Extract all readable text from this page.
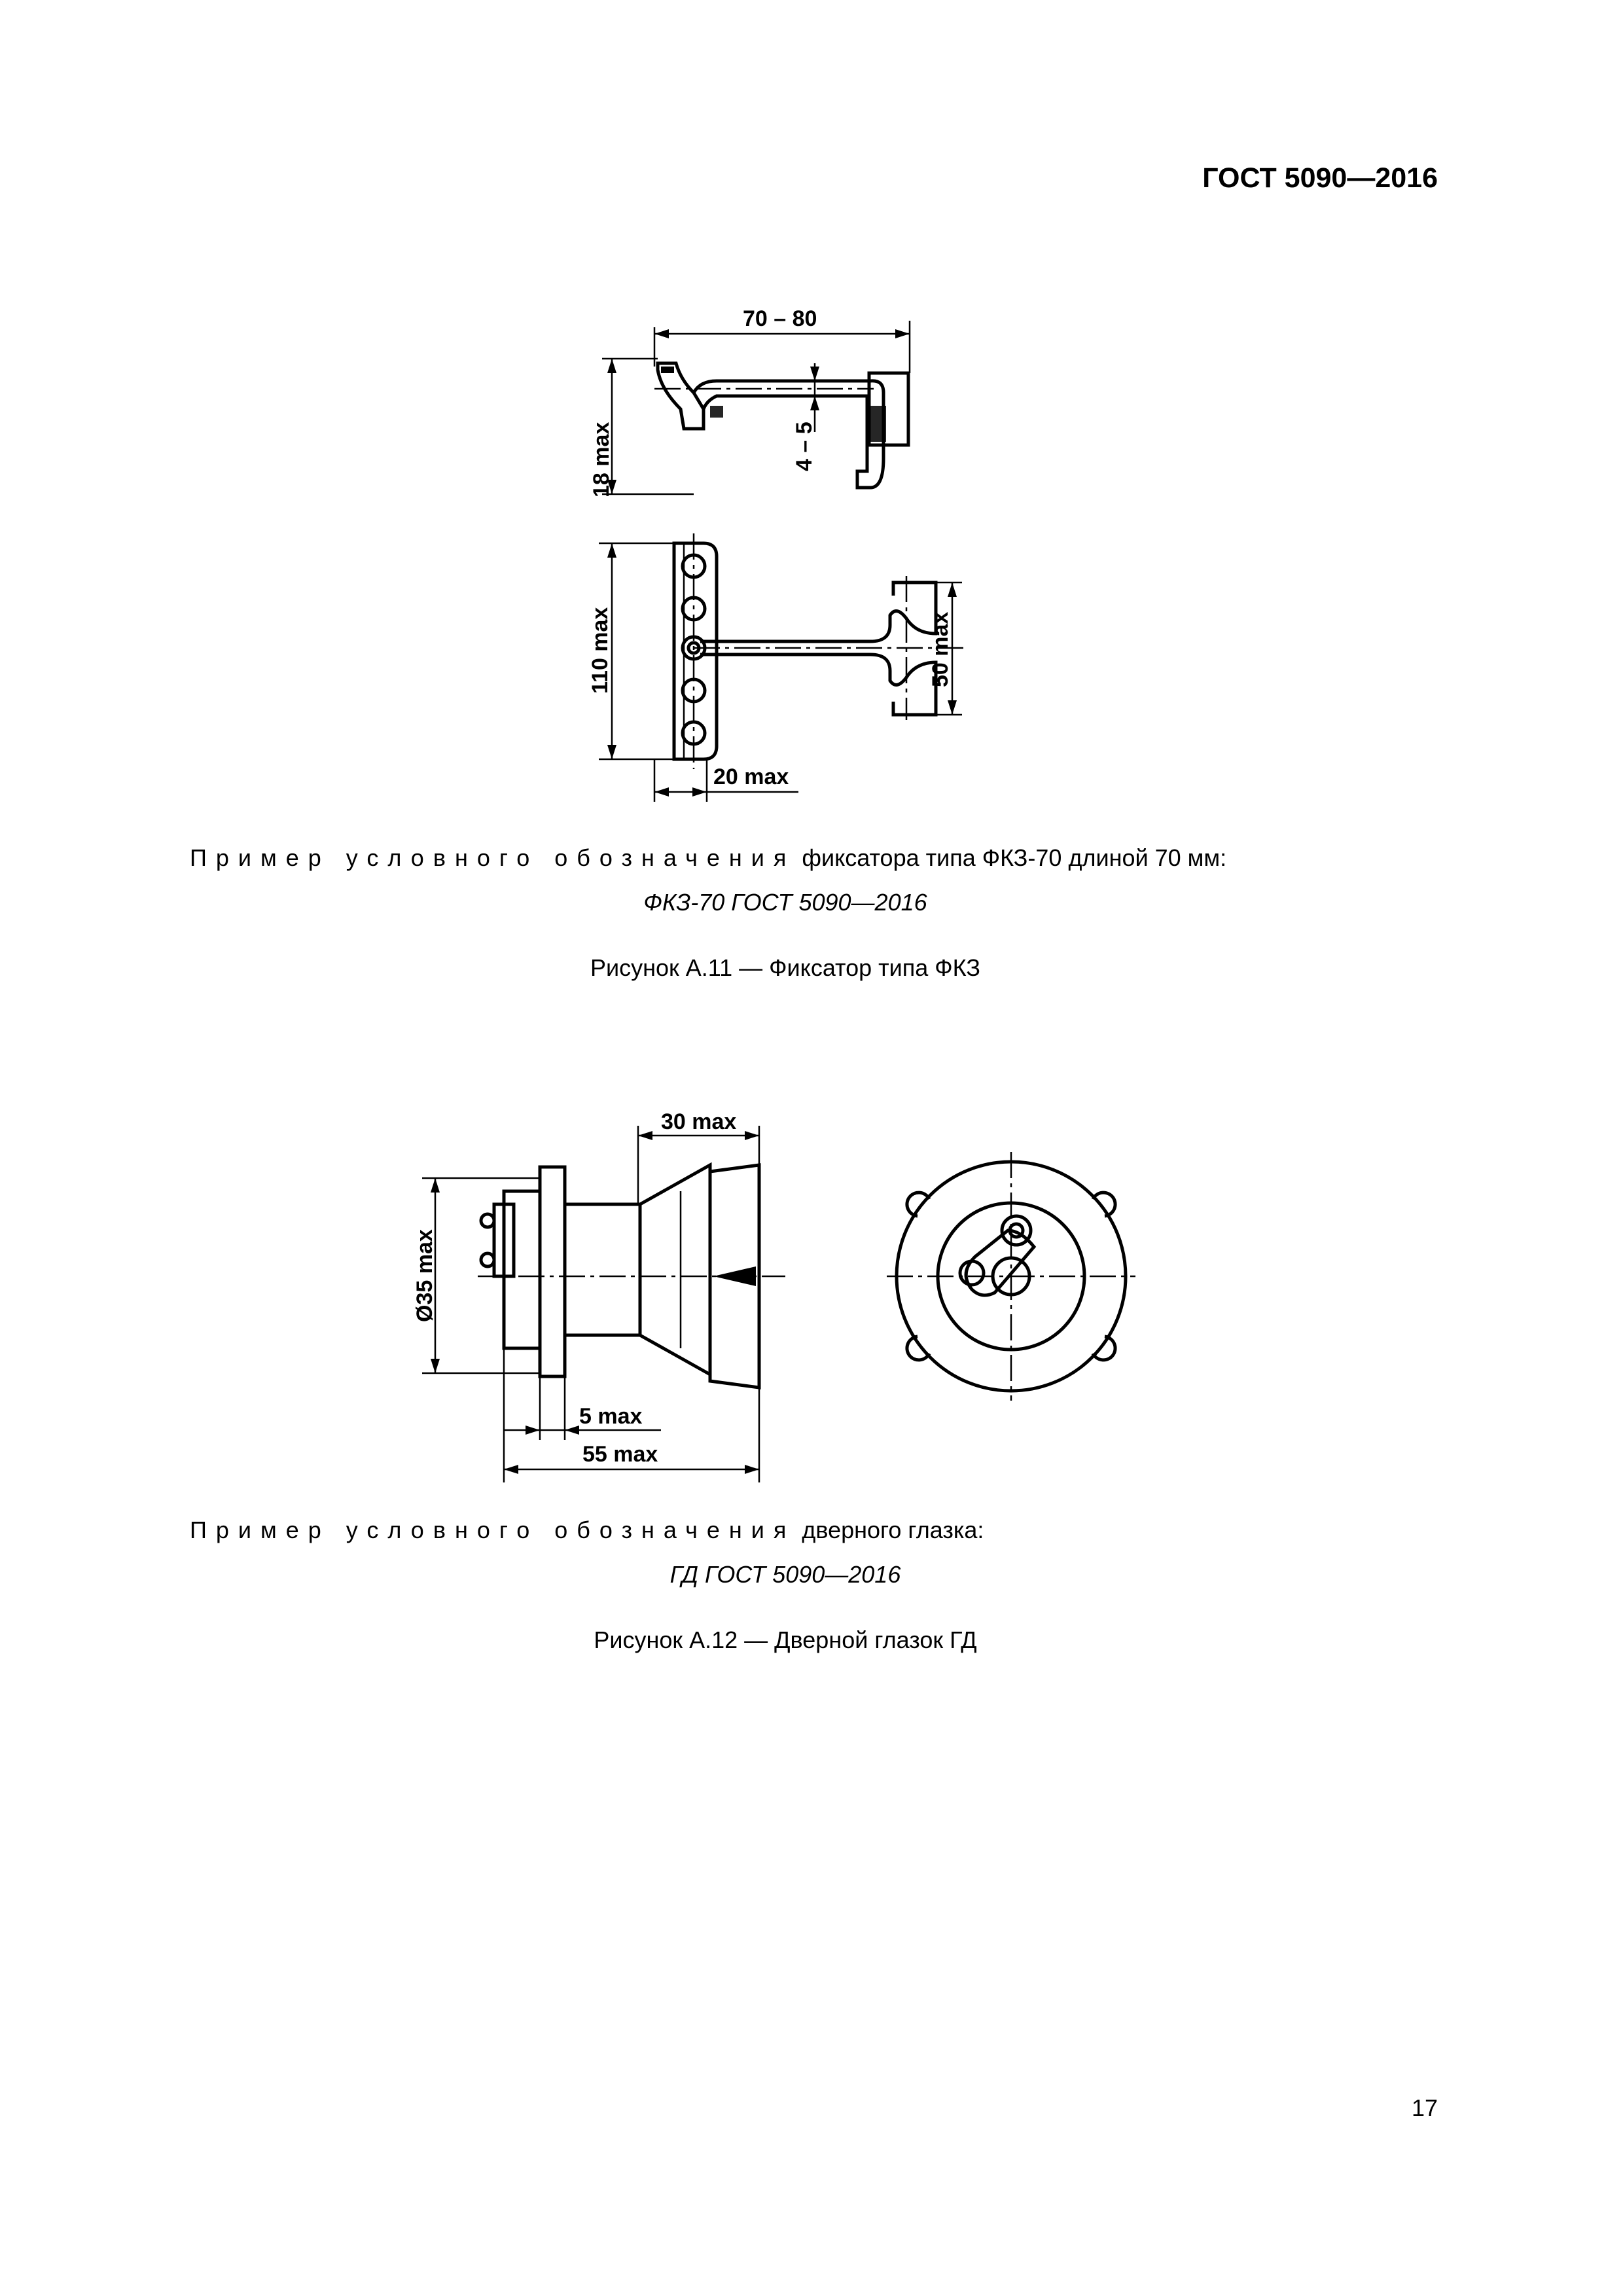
ГОСТ 5090—2016
70 – 80
18 max	4 – 5
110 max	50 max
20 max
30 max
Ø35 max
5 max
55 max
Пример условного обозначения фиксатора типа ФКЗ-70 длиной 70 мм:
ФКЗ-70 ГОСТ 5090—2016
Рисунок А.11 — Фиксатор типа ФКЗ
Пример условного обозначения дверного глазка:
ГД ГОСТ 5090—2016
Рисунок А.12 — Дверной глазок ГД
17
